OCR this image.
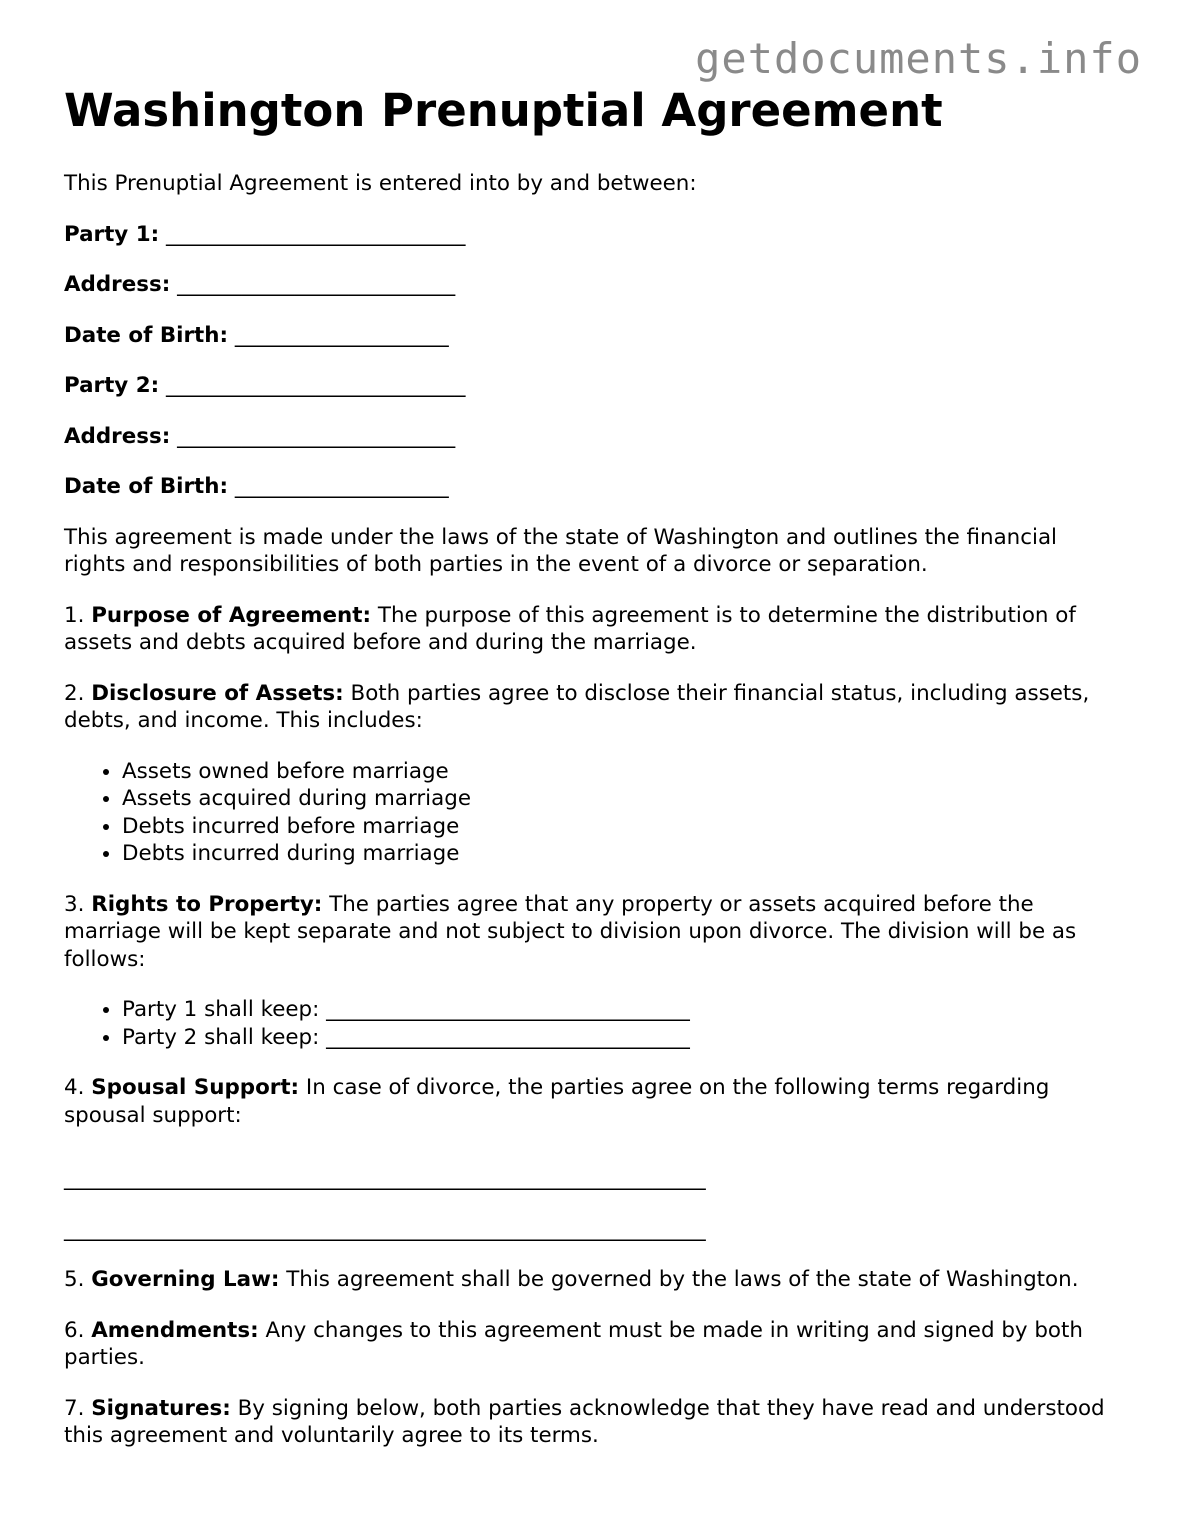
getdocuments.info
Washington Prenuptial Agreement

This Prenuptial Agreement is entered into by and between:

Party 1: ____________________________

Address: __________________________

Date of Birth: ____________________

Party 2: ____________________________

Address: __________________________

Date of Birth: ____________________

This agreement is made under the laws of the state of Washington and outlines the financial rights and responsibilities of both parties in the event of a divorce or separation.

1. Purpose of Agreement: The purpose of this agreement is to determine the distribution of assets and debts acquired before and during the marriage.

2. Disclosure of Assets: Both parties agree to disclose their financial status, including assets, debts, and income. This includes:

• Assets owned before marriage
• Assets acquired during marriage
• Debts incurred before marriage
• Debts incurred during marriage

3. Rights to Property: The parties agree that any property or assets acquired before the marriage will be kept separate and not subject to division upon divorce. The division will be as follows:

• Party 1 shall keep: __________________________________
• Party 2 shall keep: __________________________________

4. Spousal Support: In case of divorce, the parties agree on the following terms regarding spousal support:

____________________________________________________________

____________________________________________________________

5. Governing Law: This agreement shall be governed by the laws of the state of Washington.

6. Amendments: Any changes to this agreement must be made in writing and signed by both parties.

7. Signatures: By signing below, both parties acknowledge that they have read and understood this agreement and voluntarily agree to its terms.
